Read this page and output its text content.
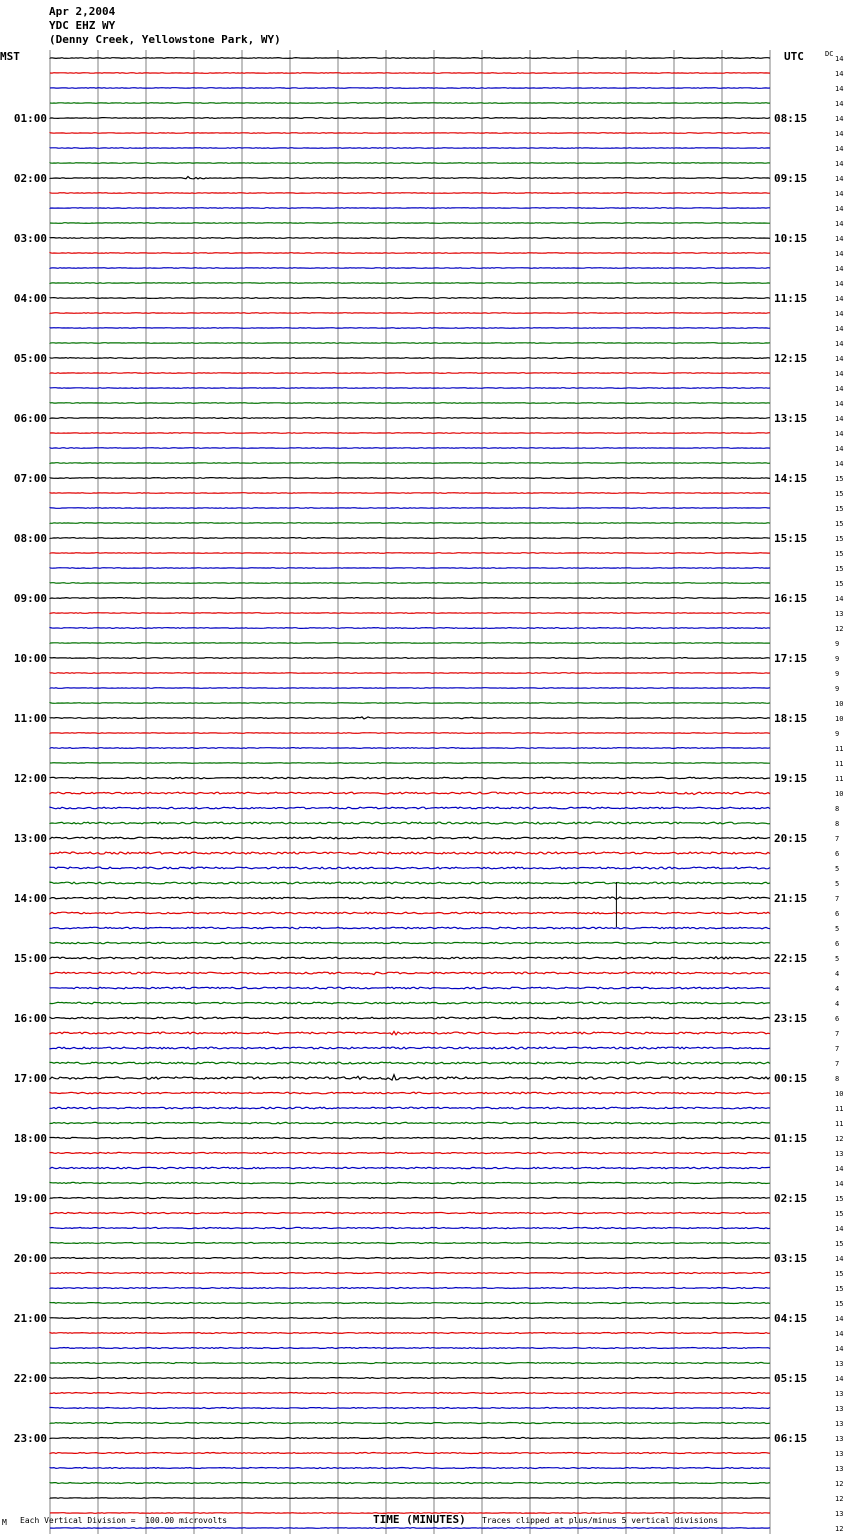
Apr 2,2004
YDC EHZ WY
(Denny Creek, Yellowstone Park, WY)
MST	UTC	14
14
14
14
14
14
14
14
14
14
14
14
14
14
14
14
14
14
14
14
14
14
14
14
14
14
14
14
15
15
15
15
15
15
15
15
14
13
12
9
9
9
9
10
10
9
11
11
11
10
8
8
7
6
5
5
7
6
5
6
5
4
4
4
6
7
7
7
8
10
11
11
12
13
14
14
15
15
14
15
14
15
15
15
14
14
14
13
14
13
13
13
13
13
13
12
12
13
12
DC
01:00	08:15
02:00	09:15
03:00	10:15
04:00	11:15
05:00	12:15
06:00	13:15
07:00	14:15
08:00	15:15
09:00	16:15
10:00	17:15
11:00	18:15
12:00	19:15
13:00	20:15
14:00	21:15
15:00	22:15
16:00	23:15
17:00	00:15
18:00	01:15
19:00	02:15
20:00	03:15
21:00	04:15
22:00	05:15
23:00	06:15
M Each Vertical Division =  100.00 microvolts	TIME (MINUTES) Traces clipped at plus/minus 5 vertical divisions
